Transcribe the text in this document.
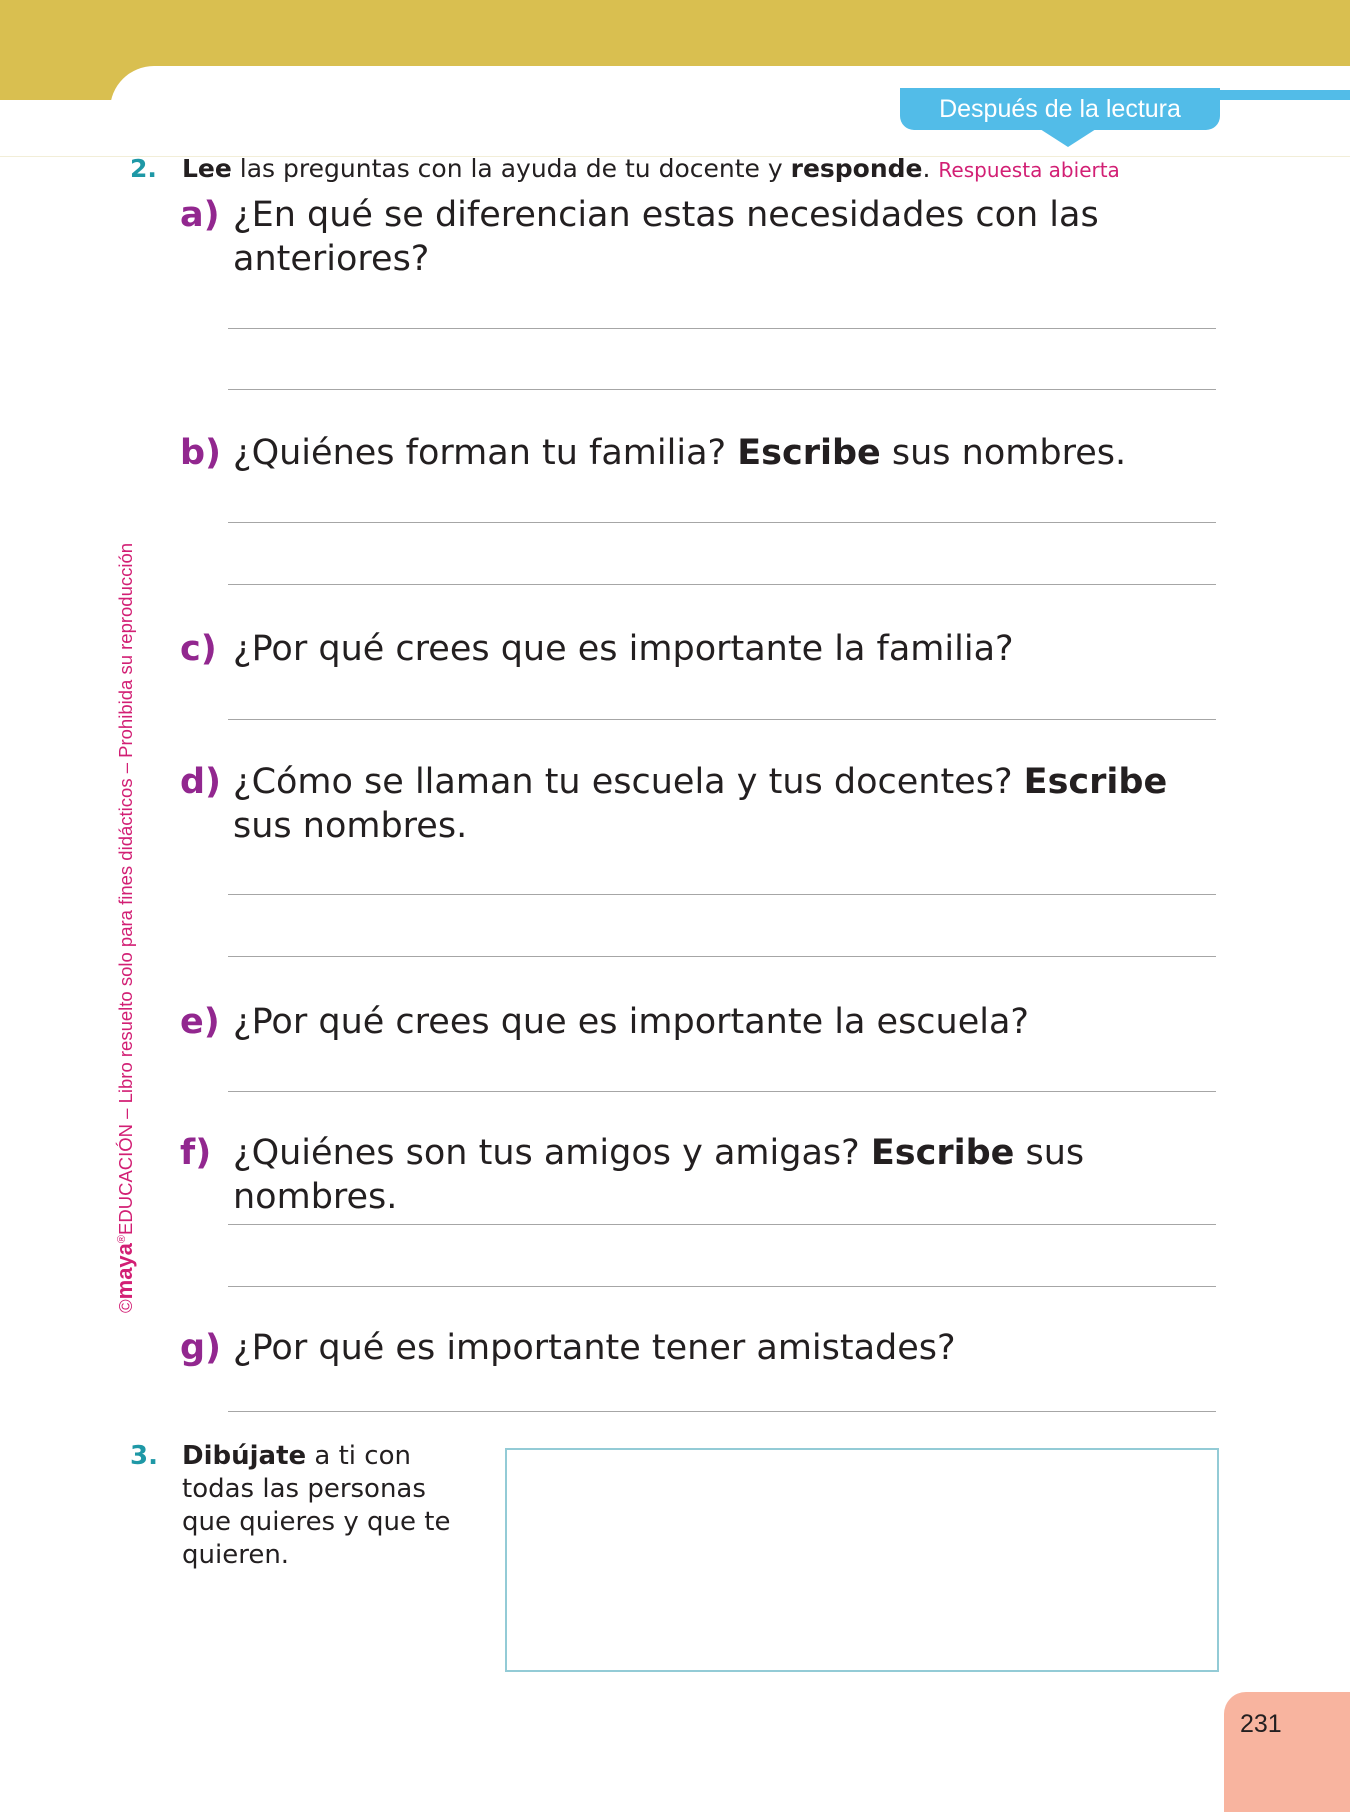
Después de la lectura
©maya®EDUCACIÓN – Libro resuelto solo para fines didácticos – Prohibida su reproducción
2. Lee las preguntas con la ayuda de tu docente y responde. Respuesta abierta
a) ¿En qué se diferencian estas necesidades con las anteriores?
b) ¿Quiénes forman tu familia? Escribe sus nombres.
c) ¿Por qué crees que es importante la familia?
d) ¿Cómo se llaman tu escuela y tus docentes? Escribe sus nombres.
e) ¿Por qué crees que es importante la escuela?
f) ¿Quiénes son tus amigos y amigas? Escribe sus nombres.
g) ¿Por qué es importante tener amistades?
3. Dibújate a ti con todas las personas que quieres y que te quieren.
231
